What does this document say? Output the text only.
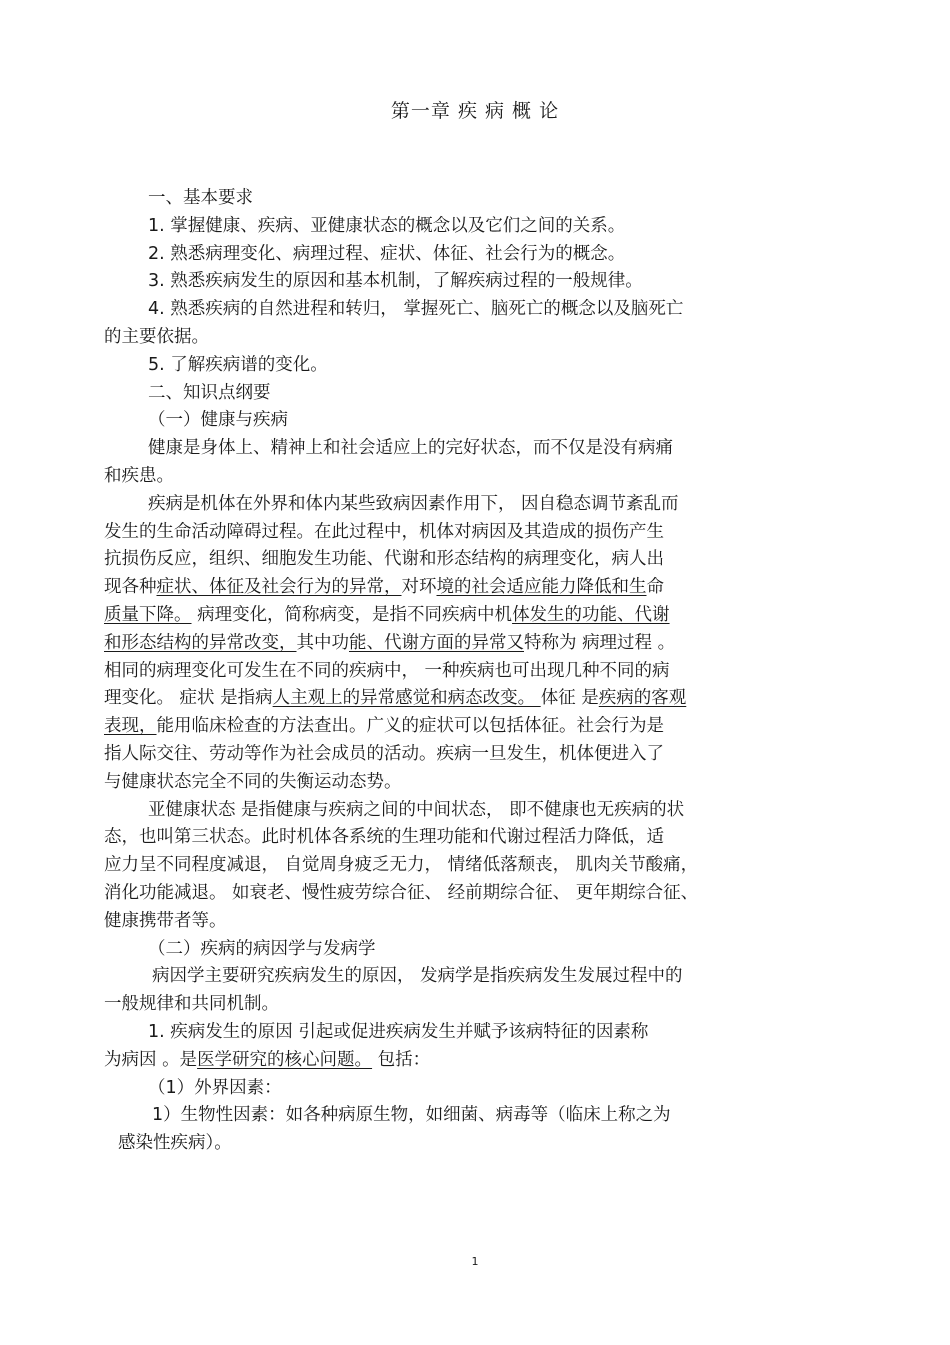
第一章 疾 病 概 论
一、基本要求
1. 掌握健康、疾病、亚健康状态的概念以及它们之间的关系。
2. 熟悉病理变化、病理过程、症状、体征、社会行为的概念。
3. 熟悉疾病发生的原因和基本机制，了解疾病过程的一般规律。
4. 熟悉疾病的自然进程和转归， 掌握死亡、脑死亡的概念以及脑死亡
的主要依据。
5. 了解疾病谱的变化。
二、知识点纲要
（一）健康与疾病
健康是身体上、精神上和社会适应上的完好状态，而不仅是没有病痛
和疾患。
疾病是机体在外界和体内某些致病因素作用下， 因自稳态调节紊乱而
发生的生命活动障碍过程。在此过程中，机体对病因及其造成的损伤产生
抗损伤反应，组织、细胞发生功能、代谢和形态结构的病理变化，病人出
现各种症状、体征及社会行为的异常，对环境的社会适应能力降低和生命
质量下降。 病理变化，简称病变，是指不同疾病中机体发生的功能、代谢
和形态结构的异常改变，其中功能、代谢方面的异常又特称为 病理过程 。
相同的病理变化可发生在不同的疾病中， 一种疾病也可出现几种不同的病
理变化。 症状 是指病人主观上的异常感觉和病态改变。 体征 是疾病的客观
表现，能用临床检查的方法查出。广义的症状可以包括体征。社会行为是
指人际交往、劳动等作为社会成员的活动。疾病一旦发生，机体便进入了
与健康状态完全不同的失衡运动态势。
亚健康状态 是指健康与疾病之间的中间状态， 即不健康也无疾病的状
态，也叫第三状态。此时机体各系统的生理功能和代谢过程活力降低，适
应力呈不同程度减退， 自觉周身疲乏无力， 情绪低落颓丧， 肌肉关节酸痛，
消化功能减退。 如衰老、慢性疲劳综合征、 经前期综合征、 更年期综合征、
健康携带者等。
（二）疾病的病因学与发病学
病因学主要研究疾病发生的原因， 发病学是指疾病发生发展过程中的
一般规律和共同机制。
1. 疾病发生的原因 引起或促进疾病发生并赋予该病特征的因素称
为病因 。是医学研究的核心问题。 包括：
（1）外界因素：
1）生物性因素：如各种病原生物，如细菌、病毒等（临床上称之为
感染性疾病）。
1
